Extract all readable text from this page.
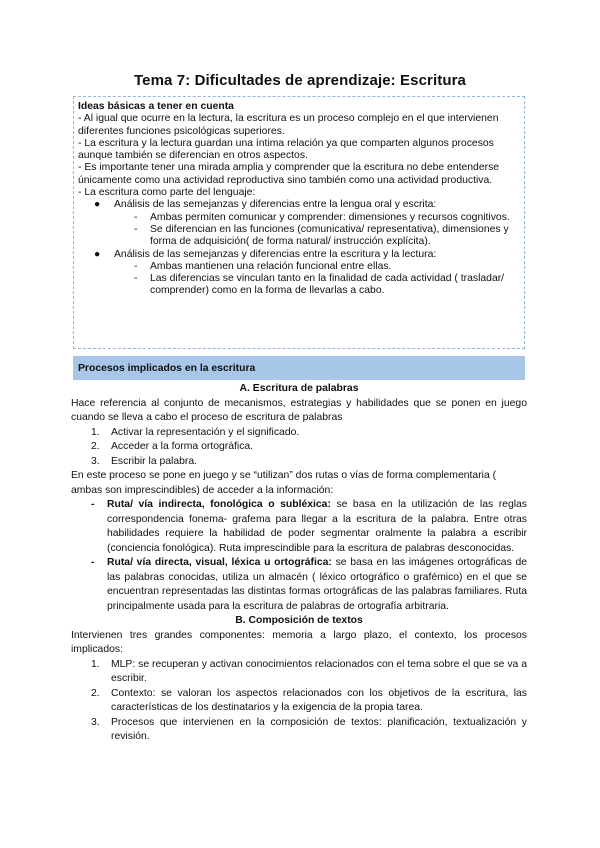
Tema 7: Dificultades de aprendizaje: Escritura

Ideas básicas a tener en cuenta

- Al igual que ocurre en la lectura, la escritura es un proceso complejo en el que intervienen diferentes funciones psicológicas superiores.

- La escritura y la lectura guardan una íntima relación ya que comparten algunos procesos aunque también se diferencian en otros aspectos.

- Es importante tener una mirada amplia y comprender que la escritura no debe entenderse únicamente como una actividad reproductiva sino también como una actividad productiva.

- La escritura como parte del lenguaje:

● Análisis de las semejanzas y diferencias entre la lengua oral y escrita:

- Ambas permiten comunicar y comprender: dimensiones y recursos cognitivos.

- Se diferencian en las funciones (comunicativa/ representativa), dimensiones y forma de adquisición( de forma natural/ instrucción explícita).

● Análisis de las semejanzas y diferencias entre la escritura y la lectura:

- Ambas mantienen una relación funcional entre ellas.

- Las diferencias se vinculan tanto en la finalidad de cada actividad ( trasladar/ comprender) como en la forma de llevarlas a cabo.

Procesos implicados en la escritura

A. Escritura de palabras

Hace referencia al conjunto de mecanismos, estrategias y habilidades que se ponen en juego cuando se lleva a cabo el proceso de escritura de palabras

1. Activar la representación y el significado.

2. Acceder a la forma ortográfica.

3. Escribir la palabra.

En este proceso se pone en juego y se “utilizan” dos rutas o vías de forma complementaria ( ambas son imprescindibles) de acceder a la información:

- Ruta/ vía indirecta, fonológica o subléxica: se basa en la utilización de las reglas correspondencia fonema- grafema para llegar a la escritura de la palabra. Entre otras habilidades requiere la habilidad de poder segmentar oralmente la palabra a escribir (conciencia fonológica). Ruta imprescindible para la escritura de palabras desconocidas.

- Ruta/ vía directa, visual, léxica u ortográfica: se basa en las imágenes ortográficas de las palabras conocidas, utiliza un almacén ( léxico ortográfico o grafémico) en el que se encuentran representadas las distintas formas ortográficas de las palabras familiares. Ruta principalmente usada para la escritura de palabras de ortografía arbitraria.

B. Composición de textos

Intervienen tres grandes componentes: memoria a largo plazo, el contexto, los procesos implicados:

1. MLP: se recuperan y activan conocimientos relacionados con el tema sobre el que se va a escribir.

2. Contexto: se valoran los aspectos relacionados con los objetivos de la escritura, las características de los destinatarios y la exigencia de la propia tarea.

3. Procesos que intervienen en la composición de textos: planificación, textualización y revisión.
